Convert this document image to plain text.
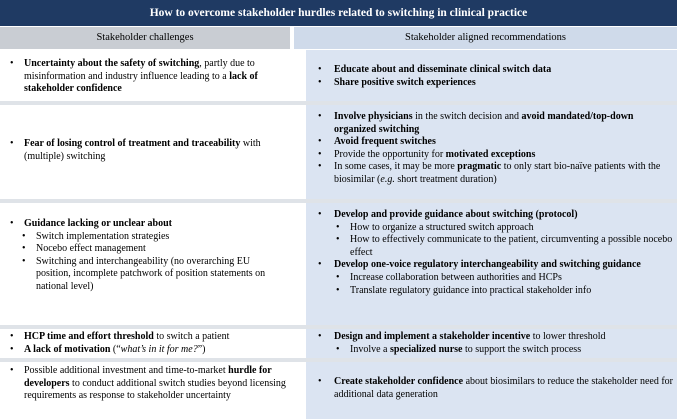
How to overcome stakeholder hurdles related to switching in clinical practice
Stakeholder challenges	Stakeholder aligned recommendations
• Uncertainty about the safety of switching, partly due to misinformation and industry influence leading to a lack of stakeholder confidence
• Educate about and disseminate clinical switch data
• Share positive switch experiences
• Fear of losing control of treatment and traceability with (multiple) switching
• Involve physicians in the switch decision and avoid mandated/top-down organized switching
• Avoid frequent switches
• Provide the opportunity for motivated exceptions
• In some cases, it may be more pragmatic to only start bio-naïve patients with the biosimilar (e.g. short treatment duration)
• Guidance lacking or unclear about
• Switch implementation strategies
• Nocebo effect management
• Switching and interchangeability (no overarching EU position, incomplete patchwork of position statements on national level)
• Develop and provide guidance about switching (protocol)
• How to organize a structured switch approach
• How to effectively communicate to the patient, circumventing a possible nocebo effect
• Develop one-voice regulatory interchangeability and switching guidance
• Increase collaboration between authorities and HCPs
• Translate regulatory guidance into practical stakeholder info
• HCP time and effort threshold to switch a patient
• A lack of motivation (“what’s in it for me?”)
• Design and implement a stakeholder incentive to lower threshold
• Involve a specialized nurse to support the switch process
• Possible additional investment and time-to-market hurdle for developers to conduct additional switch studies beyond licensing requirements as response to stakeholder uncertainty
• Create stakeholder confidence about biosimilars to reduce the stakeholder need for additional data generation
